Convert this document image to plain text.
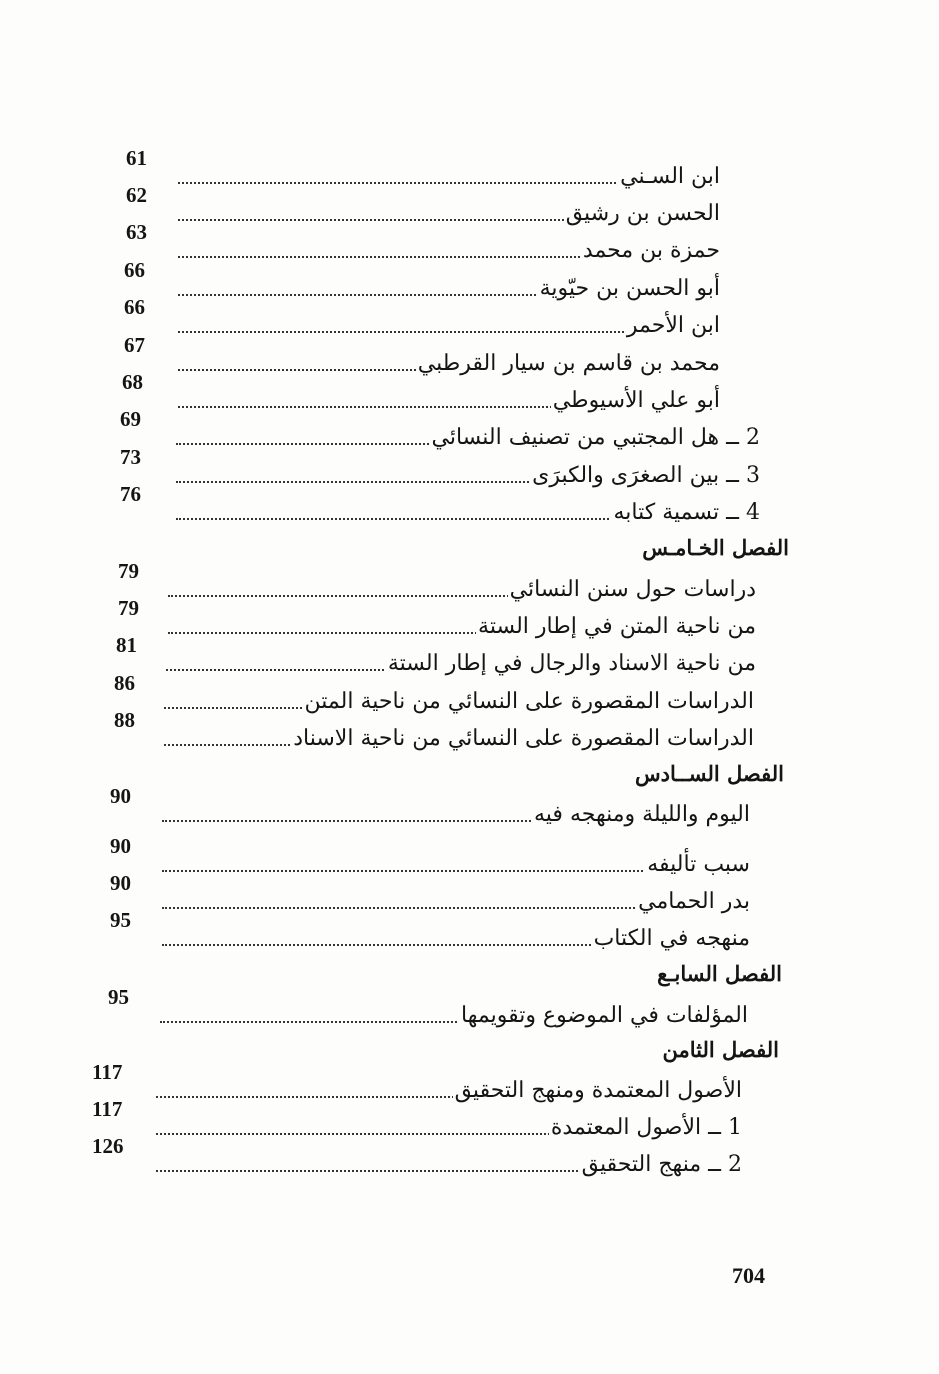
61
ابن السـني
62
الحسن بن رشيق
63
حمزة بن محمد
66
أبو الحسن بن حيّوية
66
ابن الأحمر
67
محمد بن قاسم بن سيار القرطبي
68
أبو علي الأسيوطي
69
2 ــ هل المجتبي من تصنيف النسائي
73
3 ــ بين الصغرَى والكبرَى
76
4 ــ تسمية كتابه
الفصل الخـامـس
79
دراسات حول سنن النسائي
79
من ناحية المتن في إطار الستة
81
من ناحية الاسناد والرجال في إطار الستة
86
الدراسات المقصورة على النسائي من ناحية المتن
88
الدراسات المقصورة على النسائي من ناحية الاسناد
الفصل الســادس
90
اليوم والليلة ومنهجه فيه
90
سبب تأليفه
90
بدر الحمامي
95
منهجه في الكتاب
الفصل السابـع
95
المؤلفات في الموضوع وتقويمها
الفصل الثامن
117
الأصول المعتمدة ومنهج التحقيق
117
1 ــ الأصول المعتمدة
126
2 ــ منهج التحقيق
704
